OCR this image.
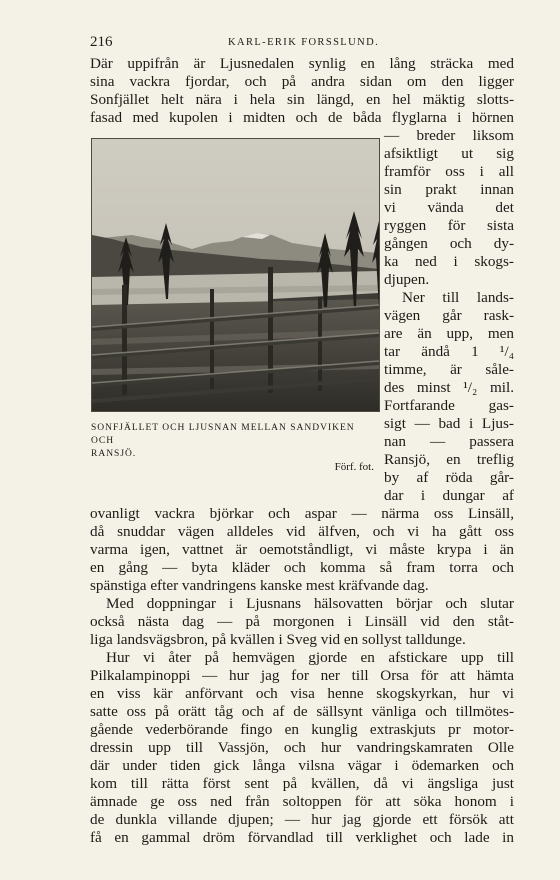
216	KARL-ERIK FORSSLUND.
Där uppifrån är Ljusnedalen synlig en lång sträcka med
sina vackra fjordar, och på andra sidan om den ligger
Sonfjället helt nära i hela sin längd, en hel mäktig slotts-
fasad med kupolen i midten och de båda flyglarna i hörnen
SONFJÄLLET OCH LJUSNAN MELLAN SANDVIKEN OCH
RANSJÖ.
Förf. fot.
— breder liksom
afsiktligt ut sig
framför oss i all
sin prakt innan
vi vända det
ryggen för sista
gången och dy-
ka ned i skogs-
djupen.
Ner till lands-
vägen går rask-
are än upp, men
tar ändå 1 ¹/₄
timme, är såle-
des minst ¹/₂ mil.
Fortfarande gas-
sigt — bad i Ljus-
nan — passera
Ransjö, en treflig
by af röda går-
dar i dungar af
ovanligt vackra björkar och aspar — närma oss Linsäll,
då snuddar vägen alldeles vid älfven, och vi ha gått oss
varma igen, vattnet är oemotståndligt, vi måste krypa i än
en gång — byta kläder och komma så fram torra och
spänstiga efter vandringens kanske mest kräfvande dag.
Med doppningar i Ljusnans hälsovatten börjar och slutar
också nästa dag — på morgonen i Linsäll vid den ståt-
liga landsvägsbron, på kvällen i Sveg vid en sollyst talldunge.
Hur vi åter på hemvägen gjorde en afstickare upp till
Pilkalampinoppi — hur jag for ner till Orsa för att hämta
en viss kär anförvant och visa henne skogskyrkan, hur vi
satte oss på orätt tåg och af de sällsynt vänliga och tillmötes-
gående vederbörande fingo en kunglig extraskjuts pr motor-
dressin upp till Vassjön, och hur vandringskamraten Olle
där under tiden gick långa vilsna vägar i ödemarken och
kom till rätta först sent på kvällen, då vi ängsliga just
ämnade ge oss ned från soltoppen för att söka honom i
de dunkla villande djupen; — hur jag gjorde ett försök att
få en gammal dröm förvandlad till verklighet och lade in
